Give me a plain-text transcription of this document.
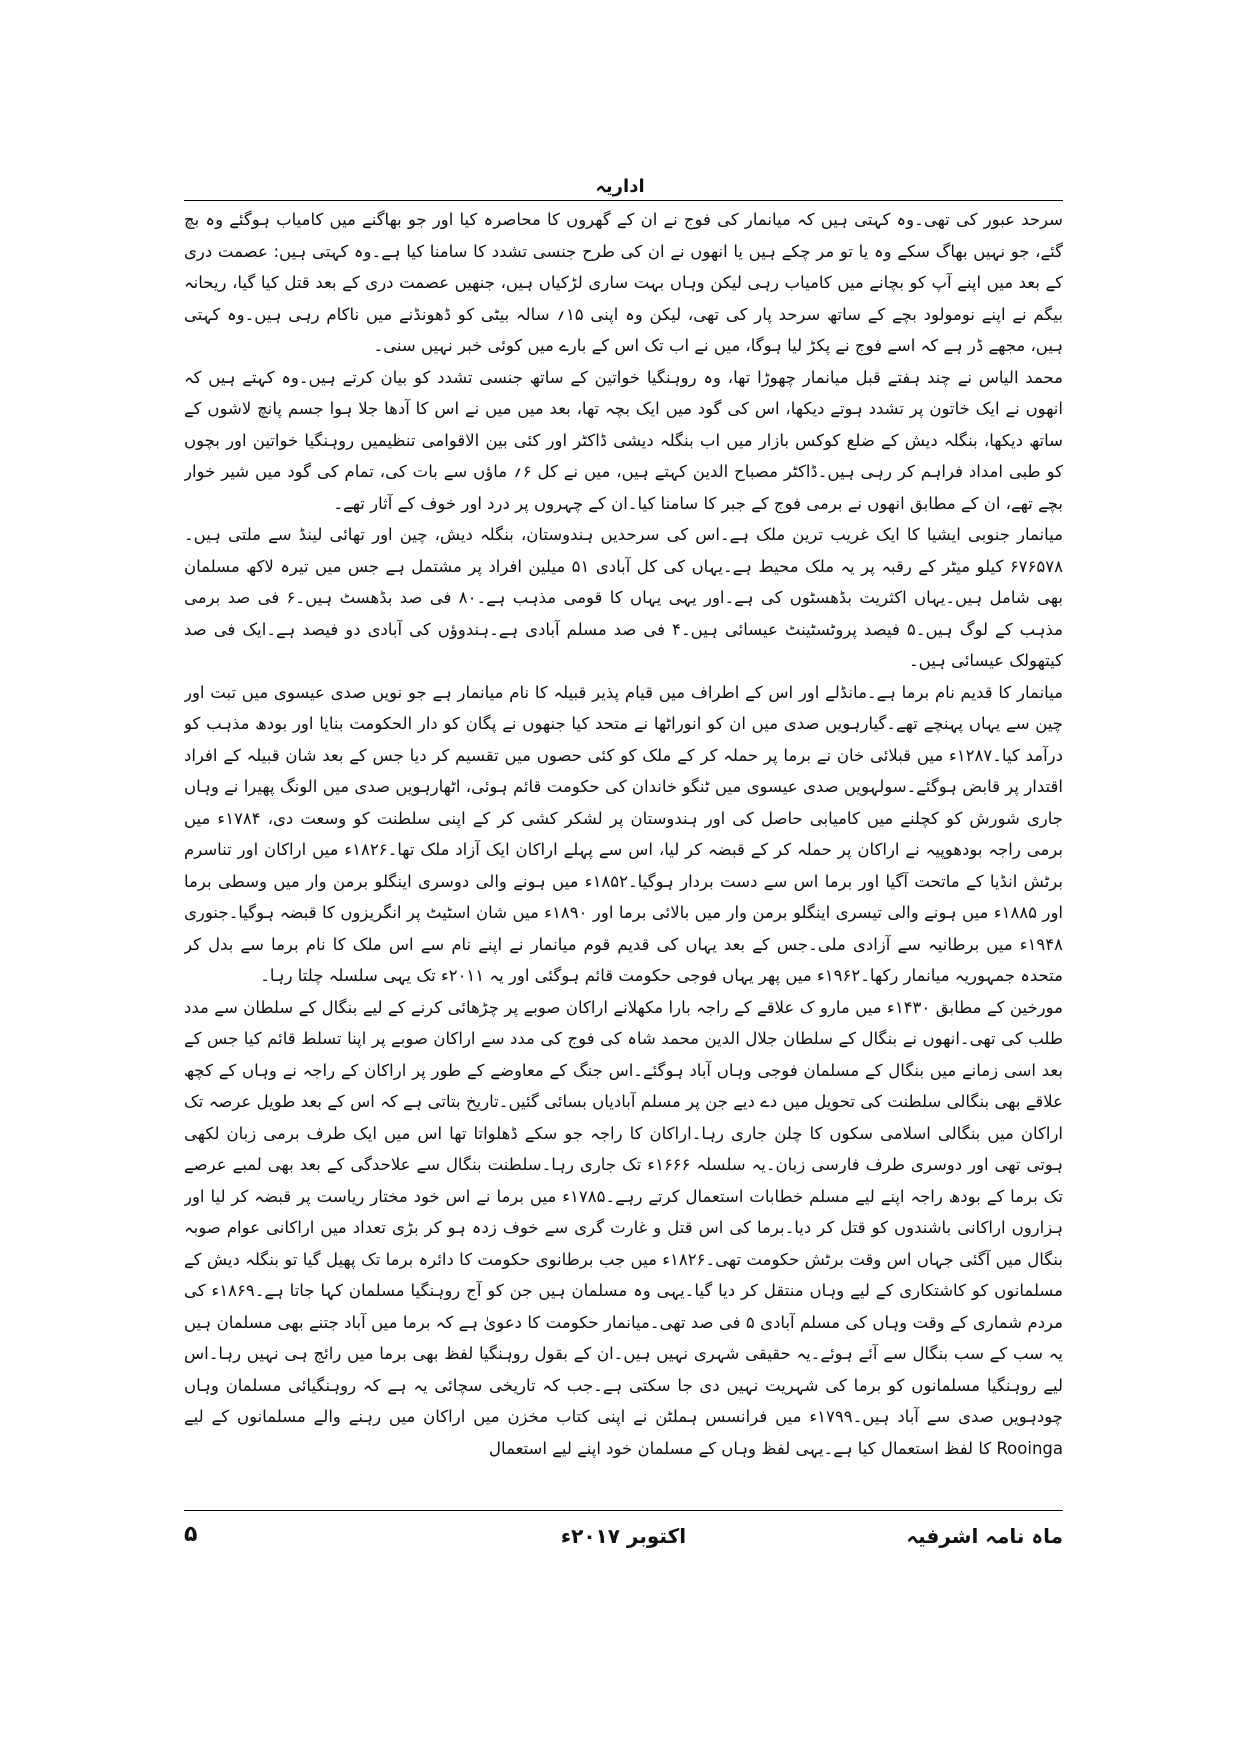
اداریہ

سرحد عبور کی تھی۔وہ کہتی ہیں کہ میانمار کی فوج نے ان کے گھروں کا محاصرہ کیا اور جو بھاگنے میں کامیاب ہوگئے وہ بچ گئے، جو نہیں بھاگ سکے وہ یا تو مر چکے ہیں یا انھوں نے ان کی طرح جنسی تشدد کا سامنا کیا ہے۔وہ کہتی ہیں: عصمت دری کے بعد میں اپنے آپ کو بچانے میں کامیاب رہی لیکن وہاں بہت ساری لڑکیاں ہیں، جنھیں عصمت دری کے بعد قتل کیا گیا، ریحانہ بیگم نے اپنے نومولود بچے کے ساتھ سرحد پار کی تھی، لیکن وہ اپنی ۱۵؍ سالہ بیٹی کو ڈھونڈنے میں ناکام رہی ہیں۔وہ کہتی ہیں، مجھے ڈر ہے کہ اسے فوج نے پکڑ لیا ہوگا، میں نے اب تک اس کے بارے میں کوئی خبر نہیں سنی۔

محمد الیاس نے چند ہفتے قبل میانمار چھوڑا تھا، وہ روہنگیا خواتین کے ساتھ جنسی تشدد کو بیان کرتے ہیں۔وہ کہتے ہیں کہ انھوں نے ایک خاتون پر تشدد ہوتے دیکھا، اس کی گود میں ایک بچہ تھا، بعد میں میں نے اس کا آدھا جلا ہوا جسم پانچ لاشوں کے ساتھ دیکھا، بنگلہ دیش کے ضلع کوکس بازار میں اب بنگلہ دیشی ڈاکٹر اور کئی بین الاقوامی تنظیمیں روہنگیا خواتین اور بچوں کو طبی امداد فراہم کر رہی ہیں۔ڈاکٹر مصباح الدین کہتے ہیں، میں نے کل ۶؍ ماؤں سے بات کی، تمام کی گود میں شیر خوار بچے تھے، ان کے مطابق انھوں نے برمی فوج کے جبر کا سامنا کیا۔ان کے چہروں پر درد اور خوف کے آثار تھے۔

میانمار جنوبی ایشیا کا ایک غریب ترین ملک ہے۔اس کی سرحدیں ہندوستان، بنگلہ دیش، چین اور تھائی لینڈ سے ملتی ہیں۔۶۷۶۵۷۸ کیلو میٹر کے رقبہ پر یہ ملک محیط ہے۔یہاں کی کل آبادی ۵۱ میلین افراد پر مشتمل ہے جس میں تیرہ لاکھ مسلمان بھی شامل ہیں۔یہاں اکثریت بڈھسٹوں کی ہے۔اور یہی یہاں کا قومی مذہب ہے۔۸۰ فی صد بڈھسٹ ہیں۔۶ فی صد برمی مذہب کے لوگ ہیں۔۵ فیصد پروٹسٹینٹ عیسائی ہیں۔۴ فی صد مسلم آبادی ہے۔ہندوؤں کی آبادی دو فیصد ہے۔ایک فی صد کیتھولک عیسائی ہیں۔

میانمار کا قدیم نام برما ہے۔مانڈلے اور اس کے اطراف میں قیام پذیر قبیلہ کا نام میانمار ہے جو نویں صدی عیسوی میں تبت اور چین سے یہاں پہنچے تھے۔گیارہویں صدی میں ان کو انوراٹھا نے متحد کیا جنھوں نے پگان کو دار الحکومت بنایا اور بودھ مذہب کو درآمد کیا۔۱۲۸۷ء میں قبلائی خان نے برما پر حملہ کر کے ملک کو کئی حصوں میں تقسیم کر دیا جس کے بعد شان قبیلہ کے افراد اقتدار پر قابض ہوگئے۔سولہویں صدی عیسوی میں ٹنگو خاندان کی حکومت قائم ہوئی، اٹھارہویں صدی میں الونگ پھیرا نے وہاں جاری شورش کو کچلنے میں کامیابی حاصل کی اور ہندوستان پر لشکر کشی کر کے اپنی سلطنت کو وسعت دی، ۱۷۸۴ء میں برمی راجہ بودھوپیہ نے اراکان پر حملہ کر کے قبضہ کر لیا، اس سے پہلے اراکان ایک آزاد ملک تھا۔۱۸۲۶ء میں اراکان اور تناسرم برٹش انڈیا کے ماتحت آگیا اور برما اس سے دست بردار ہوگیا۔۱۸۵۲ء میں ہونے والی دوسری اینگلو برمن وار میں وسطی برما اور ۱۸۸۵ء میں ہونے والی تیسری اینگلو برمن وار میں بالائی برما اور ۱۸۹۰ء میں شان اسٹیٹ پر انگریزوں کا قبضہ ہوگیا۔جنوری ۱۹۴۸ء میں برطانیہ سے آزادی ملی۔جس کے بعد یہاں کی قدیم قوم میانمار نے اپنے نام سے اس ملک کا نام برما سے بدل کر متحدہ جمہوریہ میانمار رکھا۔۱۹۶۲ء میں پھر یہاں فوجی حکومت قائم ہوگئی اور یہ ۲۰۱۱ء تک یہی سلسلہ چلتا رہا۔

مورخین کے مطابق ۱۴۳۰ء میں مارو ک علاقے کے راجہ بارا مکھلانے اراکان صوبے پر چڑھائی کرنے کے لیے بنگال کے سلطان سے مدد طلب کی تھی۔انھوں نے بنگال کے سلطان جلال الدین محمد شاہ کی فوج کی مدد سے اراکان صوبے پر اپنا تسلط قائم کیا جس کے بعد اسی زمانے میں بنگال کے مسلمان فوجی وہاں آباد ہوگئے۔اس جنگ کے معاوضے کے طور پر اراکان کے راجہ نے وہاں کے کچھ علاقے بھی بنگالی سلطنت کی تحویل میں دے دیے جن پر مسلم آبادیاں بسائی گئیں۔تاریخ بتاتی ہے کہ اس کے بعد طویل عرصہ تک اراکان میں بنگالی اسلامی سکوں کا چلن جاری رہا۔اراکان کا راجہ جو سکے ڈھلواتا تھا اس میں ایک طرف برمی زبان لکھی ہوتی تھی اور دوسری طرف فارسی زبان۔یہ سلسلہ ۱۶۶۶ء تک جاری رہا۔سلطنت بنگال سے علاحدگی کے بعد بھی لمبے عرصے تک برما کے بودھ راجہ اپنے لیے مسلم خطابات استعمال کرتے رہے۔۱۷۸۵ء میں برما نے اس خود مختار ریاست پر قبضہ کر لیا اور ہزاروں اراکانی باشندوں کو قتل کر دیا۔برما کی اس قتل و غارت گری سے خوف زدہ ہو کر بڑی تعداد میں اراکانی عوام صوبہ بنگال میں آگئی جہاں اس وقت برٹش حکومت تھی۔۱۸۲۶ء میں جب برطانوی حکومت کا دائرہ برما تک پھیل گیا تو بنگلہ دیش کے مسلمانوں کو کاشتکاری کے لیے وہاں منتقل کر دیا گیا۔یہی وہ مسلمان ہیں جن کو آج روہنگیا مسلمان کہا جاتا ہے۔۱۸۶۹ء کی مردم شماری کے وقت وہاں کی مسلم آبادی ۵ فی صد تھی۔میانمار حکومت کا دعویٰ ہے کہ برما میں آباد جتنے بھی مسلمان ہیں یہ سب کے سب بنگال سے آئے ہوئے۔یہ حقیقی شہری نہیں ہیں۔ان کے بقول روہنگیا لفظ بھی برما میں رائج ہی نہیں رہا۔اس لیے روہنگیا مسلمانوں کو برما کی شہریت نہیں دی جا سکتی ہے۔جب کہ تاریخی سچائی یہ ہے کہ روہنگیائی مسلمان وہاں چودہویں صدی سے آباد ہیں۔۱۷۹۹ء میں فرانسس ہملٹن نے اپنی کتاب مخزن میں اراکان میں رہنے والے مسلمانوں کے لیے Rooinga کا لفظ استعمال کیا ہے۔یہی لفظ وہاں کے مسلمان خود اپنے لیے استعمال

۵	اکتوبر ۲۰۱۷ء	ماہ نامہ اشرفیہ
